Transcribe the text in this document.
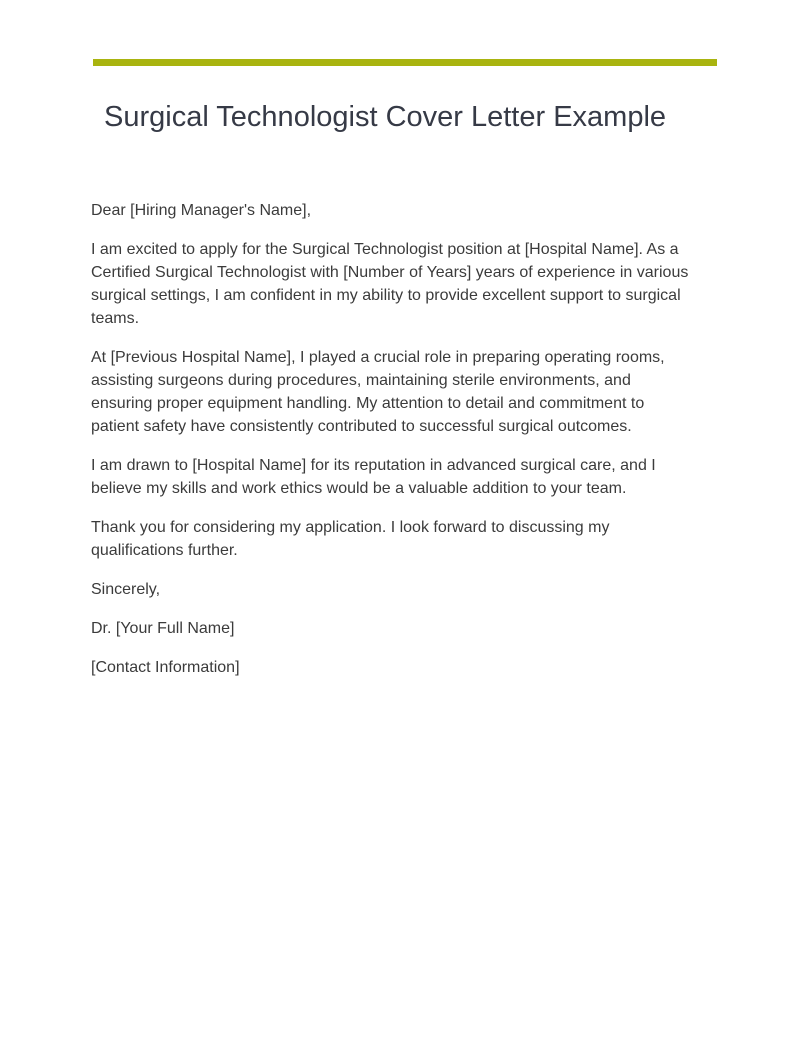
Surgical Technologist Cover Letter Example

Dear [Hiring Manager's Name],

I am excited to apply for the Surgical Technologist position at [Hospital Name]. As a Certified Surgical Technologist with [Number of Years] years of experience in various surgical settings, I am confident in my ability to provide excellent support to surgical teams.

At [Previous Hospital Name], I played a crucial role in preparing operating rooms, assisting surgeons during procedures, maintaining sterile environments, and ensuring proper equipment handling. My attention to detail and commitment to patient safety have consistently contributed to successful surgical outcomes.

I am drawn to [Hospital Name] for its reputation in advanced surgical care, and I believe my skills and work ethics would be a valuable addition to your team.

Thank you for considering my application. I look forward to discussing my qualifications further.

Sincerely,

Dr. [Your Full Name]

[Contact Information]
